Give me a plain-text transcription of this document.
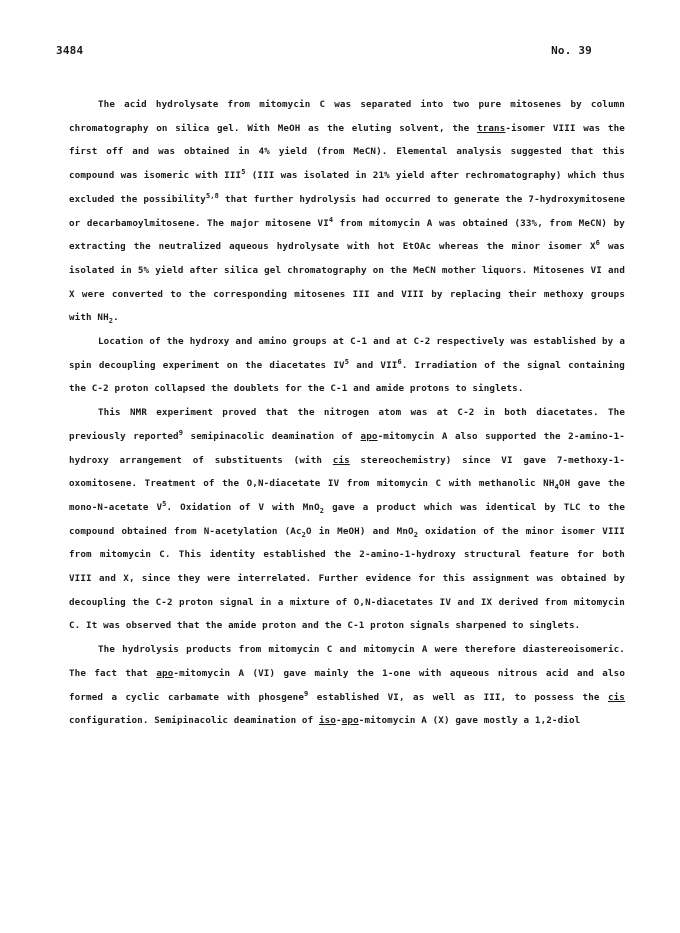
3484	No. 39

The acid hydrolysate from mitomycin C was separated into two pure mitosenes by column chromatography on silica gel. With MeOH as the eluting solvent, the trans-isomer VIII was the first off and was obtained in 4% yield (from MeCN). Elemental analysis suggested that this compound was isomeric with III$^5$ (III was isolated in 21% yield after rechromatography) which thus excluded the possibility$^{5,8}$ that further hydrolysis had occurred to generate the 7-hydroxymitosene or decarbamoylmitosene. The major mitosene $VI^4$ from mitomycin A was obtained (33%, from MeCN) by extracting the neutralized aqueous hydrolysate with hot EtOAc whereas the minor isomer $X^6$ was isolated in 5% yield after silica gel chromatography on the MeCN mother liquors. Mitosenes VI and X were converted to the corresponding mitosenes III and VIII by replacing their methoxy groups with $NH_2$.

Location of the hydroxy and amino groups at C-1 and at C-2 respectively was established by a spin decoupling experiment on the diacetates $IV^5$ and VII$^6$. Irradiation of the signal containing the C-2 proton collapsed the doublets for the C-1 and amide protons to singlets.

This NMR experiment proved that the nitrogen atom was at C-2 in both diacetates. The previously reported$^9$ semipinacolic deamination of apo-mitomycin A also supported the 2-amino-1-hydroxy arrangement of substituents (with cis stereochemistry) since VI gave 7-methoxy-1-oxomitosene. Treatment of the O,N-diacetate IV from mitomycin C with methanolic $NH_4OH$ gave the mono-N-acetate $V^5$. Oxidation of V with MnO$_2$ gave a product which was identical by TLC to the compound obtained from N-acetylation ($Ac_2O$ in MeOH) and MnO$_2$ oxidation of the minor isomer VIII from mitomycin C. This identity established the 2-amino-1-hydroxy structural feature for both VIII and X, since they were interrelated. Further evidence for this assignment was obtained by decoupling the C-2 proton signal in a mixture of O,N-diacetates IV and IX derived from mitomycin C. It was observed that the amide proton and the C-1 proton signals sharpened to singlets.

The hydrolysis products from mitomycin C and mitomycin A were therefore diastereoisomeric. The fact that apo-mitomycin A (VI) gave mainly the 1-one with aqueous nitrous acid and also formed a cyclic carbamate with phosgene$^9$ established VI, as well as III, to possess the cis configuration. Semipinacolic deamination of iso-apo-mitomycin A (X) gave mostly a 1,2-diol
